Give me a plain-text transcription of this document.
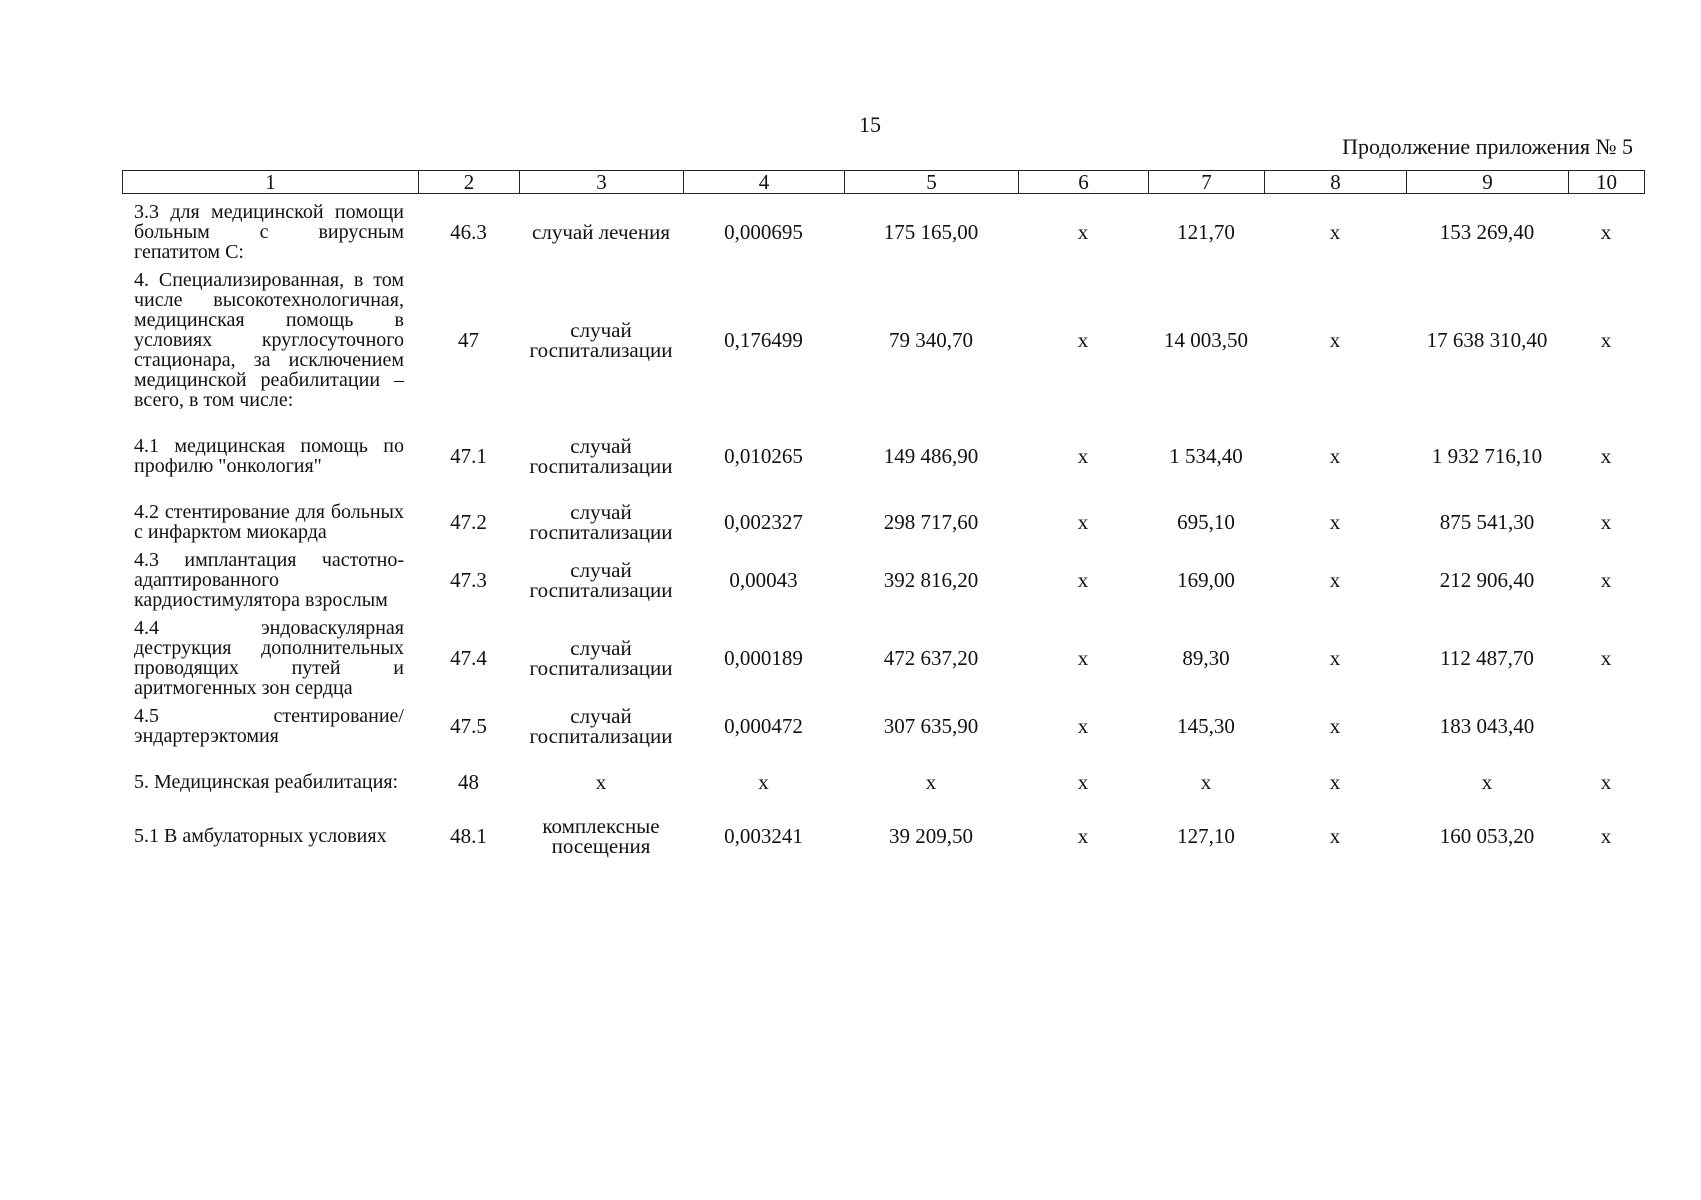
15
Продолжение приложения № 5
1	2	3	4	5	6	7	8	9	10
3.3 для медицинской помощи больным с вирусным гепатитом С:	46.3	случай лечения	0,000695	175 165,00	х	121,70	х	153 269,40	х
4. Специализированная, в том числе высокотехнологичная, медицинская помощь в условиях круглосуточного стационара, за исключением медицинской реабилитации – всего, в том числе:	47	случай госпитализации	0,176499	79 340,70	х	14 003,50	х	17 638 310,40	х

4.1 медицинская помощь по профилю "онкология"	47.1	случай госпитализации	0,010265	149 486,90	х	1 534,40	х	1 932 716,10	х

4.2 стентирование для больных с инфарктом миокарда	47.2	случай госпитализации	0,002327	298 717,60	х	695,10	х	875 541,30	х
4.3 имплантация частотно-адаптированного кардиостимулятора взрослым	47.3	случай госпитализации	0,00043	392 816,20	х	169,00	х	212 906,40	х
4.4 эндоваскулярная деструкция дополнительных проводящих путей и аритмогенных зон сердца	47.4	случай госпитализации	0,000189	472 637,20	х	89,30	х	112 487,70	х
4.5 стентирование/ эндартерэктомия	47.5	случай госпитализации	0,000472	307 635,90	х	145,30	х	183 043,40	

5. Медицинская реабилитация:	48	х	х	х	х	х	х	х	х

5.1 В амбулаторных условиях	48.1	комплексные посещения	0,003241	39 209,50	х	127,10	х	160 053,20	х
